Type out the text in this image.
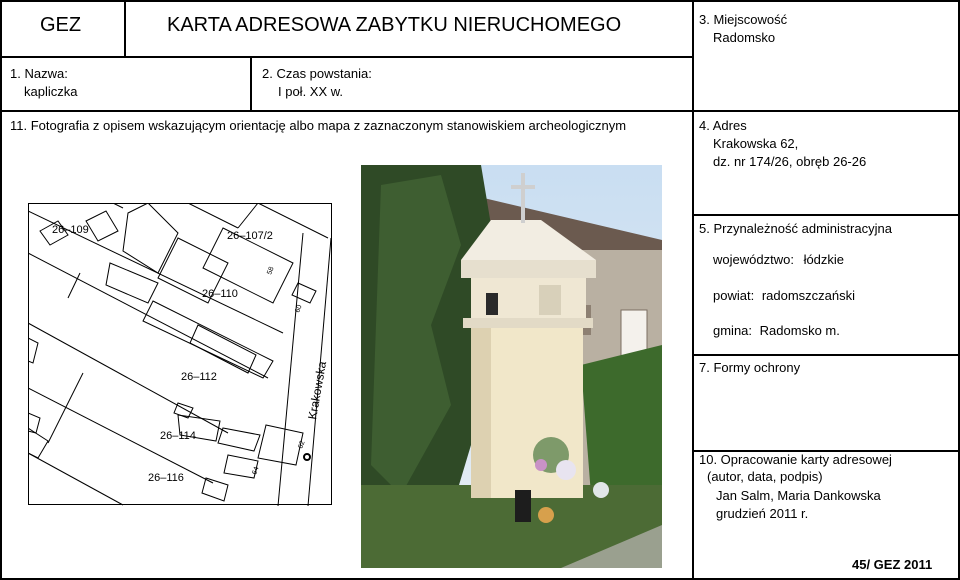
GEZ	KARTA ADRESOWA ZABYTKU NIERUCHOMEGO	3. Miejscowość
Radomsko
1. Nazwa:
kapliczka
2. Czas powstania:
I poł. XX w.
11. Fotografia z opisem wskazującym orientację albo mapa z zaznaczonym stanowiskiem archeologicznym	4. Adres
Krakowska 62,
dz. nr 174/26, obręb 26-26
5. Przynależność administracyjna
województwo: łódzkie
powiat: radomszczański
gmina: Radomsko m.
7. Formy ochrony
10. Opracowanie karty adresowej
(autor, data, podpis)
Jan Salm, Maria Dankowska
grudzień 2011 r.
45/ GEZ 2011
26–109	26–107/2
26–110
26–112
26–114
26–116
Krakowska
58
60
62
64
